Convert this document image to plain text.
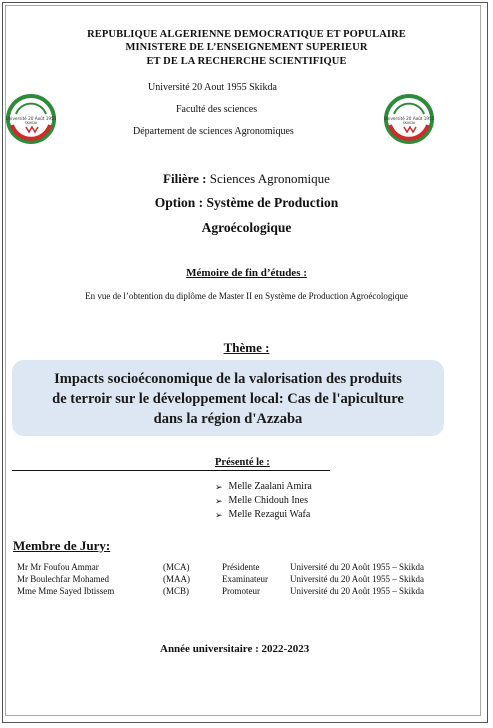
REPUBLIQUE ALGERIENNE DEMOCRATIQUE ET POPULAIRE
MINISTERE DE L’ENSEIGNEMENT SUPERIEUR
ET DE LA RECHERCHE SCIENTIFIQUE
Université 20 Août 1955
SKIKDA
Université 20 Août 1955
SKIKDA
Université 20 Aout 1955 Skikda
Faculté des sciences
Département de sciences Agronomiques
Filière : Sciences Agronomique
Option : Système de Production
Agroécologique
Mémoire de fin d’études :
En vue de l’obtention du diplôme de Master II en Système de Production Agroécologique
Thème :
Impacts socioéconomique de la valorisation des produits
de terroir sur le développement local: Cas de l'apiculture
dans la région d'Azzaba
Présenté le :
➢ Melle Zaalani Amira
➢ Melle Chidouh Ines
➢ Melle Rezagui Wafa
Membre de Jury:
Mr Mr Foufou Ammar	(MCA)	Présidente	Université du 20 Août 1955 – Skikda
Mr Boulechfar Mohamed	(MAA)	Examinateur Université du 20 Août 1955 – Skikda
Mme Mme Sayed Ibtissem	(MCB)	Promoteur	Université du 20 Août 1955 – Skikda
Année universitaire : 2022-2023
